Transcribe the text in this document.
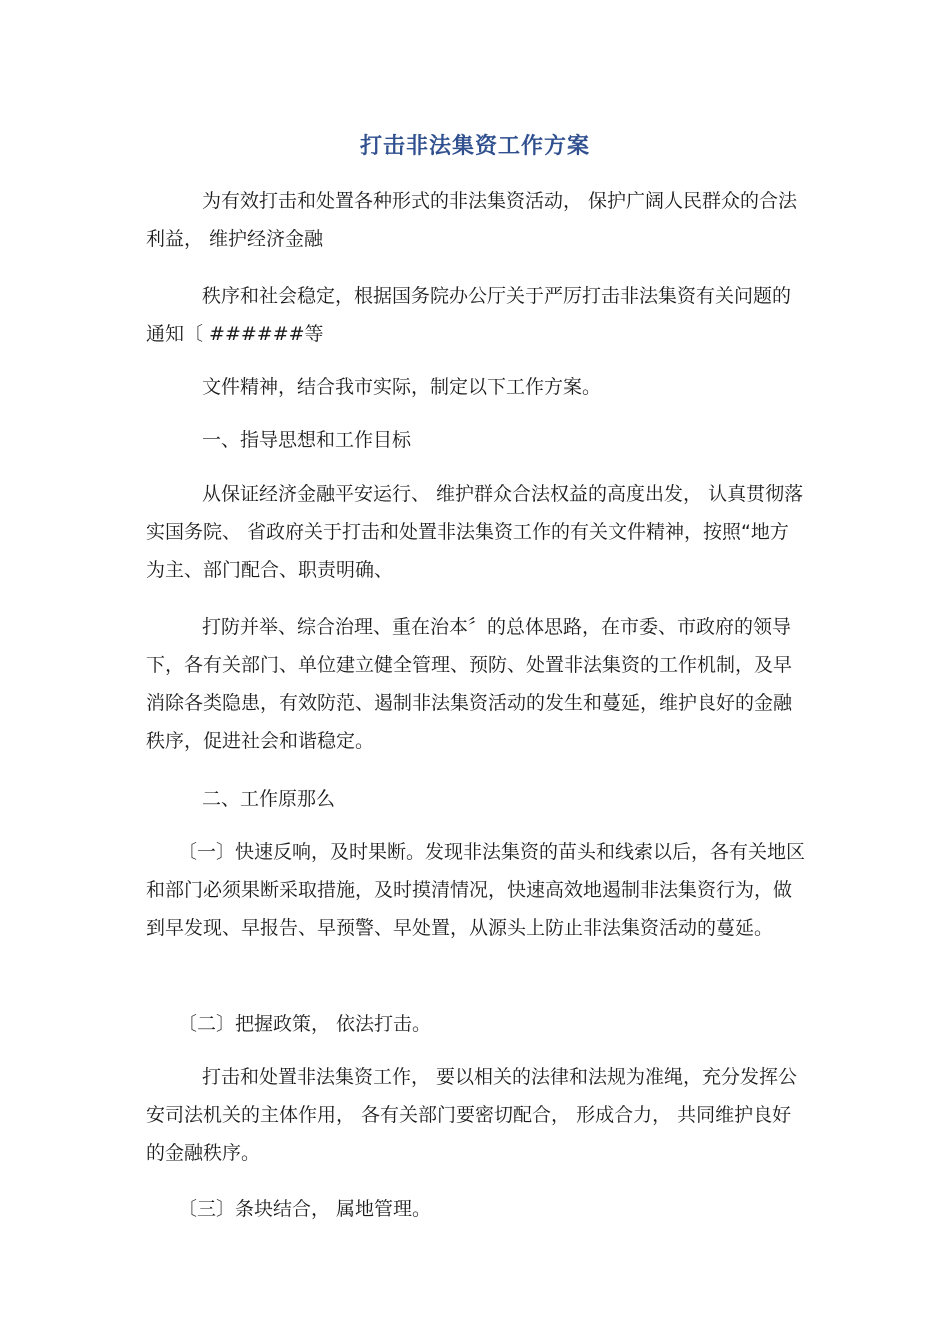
打击非法集资工作方案
为有效打击和处置各种形式的非法集资活动， 保护广阔人民群众的合法利益， 维护经济金融
秩序和社会稳定，根据国务院办公厅关于严厉打击非法集资有关问题的通知〔 ######等
文件精神，结合我市实际，制定以下工作方案。
一、指导思想和工作目标
从保证经济金融平安运行、 维护群众合法权益的高度出发， 认真贯彻落实国务院、 省政府关于打击和处置非法集资工作的有关文件精神，按照“地方为主、部门配合、职责明确、
打防并举、综合治理、重在治本〞的总体思路，在市委、市政府的领导下，各有关部门、单位建立健全管理、预防、处置非法集资的工作机制，及早消除各类隐患，有效防范、遏制非法集资活动的发生和蔓延，维护良好的金融秩序，促进社会和谐稳定。
二、工作原那么
〔一〕快速反响，及时果断。发现非法集资的苗头和线索以后，各有关地区和部门必须果断采取措施，及时摸清情况，快速高效地遏制非法集资行为，做到早发现、早报告、早预警、早处置，从源头上防止非法集资活动的蔓延。
〔二〕把握政策， 依法打击。
打击和处置非法集资工作， 要以相关的法律和法规为准绳，充分发挥公安司法机关的主体作用， 各有关部门要密切配合， 形成合力， 共同维护良好的金融秩序。
〔三〕条块结合， 属地管理。
